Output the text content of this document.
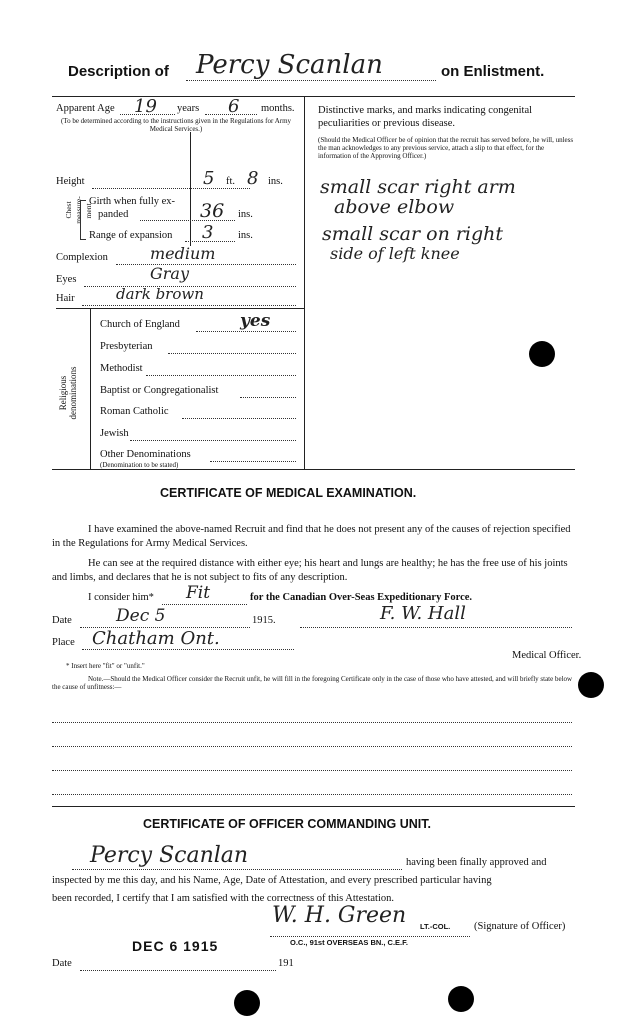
Description of Percy Scanlan	on Enlistment.
Apparent Age 19 years 6 months.
(To be determined according to the instructions given in the Regulations for Army Medical Services.)
Height	5 ft. 8 ins.
Chest measure-ment.
Girth when fully ex-
panded	36 ins.
Range of expansion 3 ins.
Complexion	medium
Eyes	Gray
Hair	dark brown
Religious denominations
Church of England	yes
Presbyterian
Methodist
Baptist or Congregationalist
Roman Catholic
Jewish
Other Denominations
(Denomination to be stated)
Distinctive marks, and marks indicating congenital peculiarities or previous disease.
(Should the Medical Officer be of opinion that the recruit has served before, he will, unless the man acknowledges to any previous service, attach a slip to that effect, for the information of the Approving Officer.)
small scar right arm
above elbow
small scar on right
side of left knee
CERTIFICATE OF MEDICAL EXAMINATION.
I have examined the above-named Recruit and find that he does not present any of the causes of rejection specified in the Regulations for Army Medical Services.
He can see at the required distance with either eye; his heart and lungs are healthy; he has the free use of his joints and limbs, and declares that he is not subject to fits of any description.
I consider him* Fit	for the Canadian Over-Seas Expeditionary Force.
Date	Dec 5	1915.	F. W. Hall
Place Chatham Ont.
Medical Officer.
* Insert here "fit" or "unfit."
Note.—Should the Medical Officer consider the Recruit unfit, he will fill in the foregoing Certificate only in the case of those who have attested, and will briefly state below the cause of unfitness:—
CERTIFICATE OF OFFICER COMMANDING UNIT.
Percy Scanlan	having been finally approved and
inspected by me this day, and his Name, Age, Date of Attestation, and every prescribed particular having
been recorded, I certify that I am satisfied with the correctness of this Attestation.
W. H. Green LT.-COL.
O.C., 91st OVERSEAS BN., C.E.F.
(Signature of Officer)
DEC 6 1915
Date	191
